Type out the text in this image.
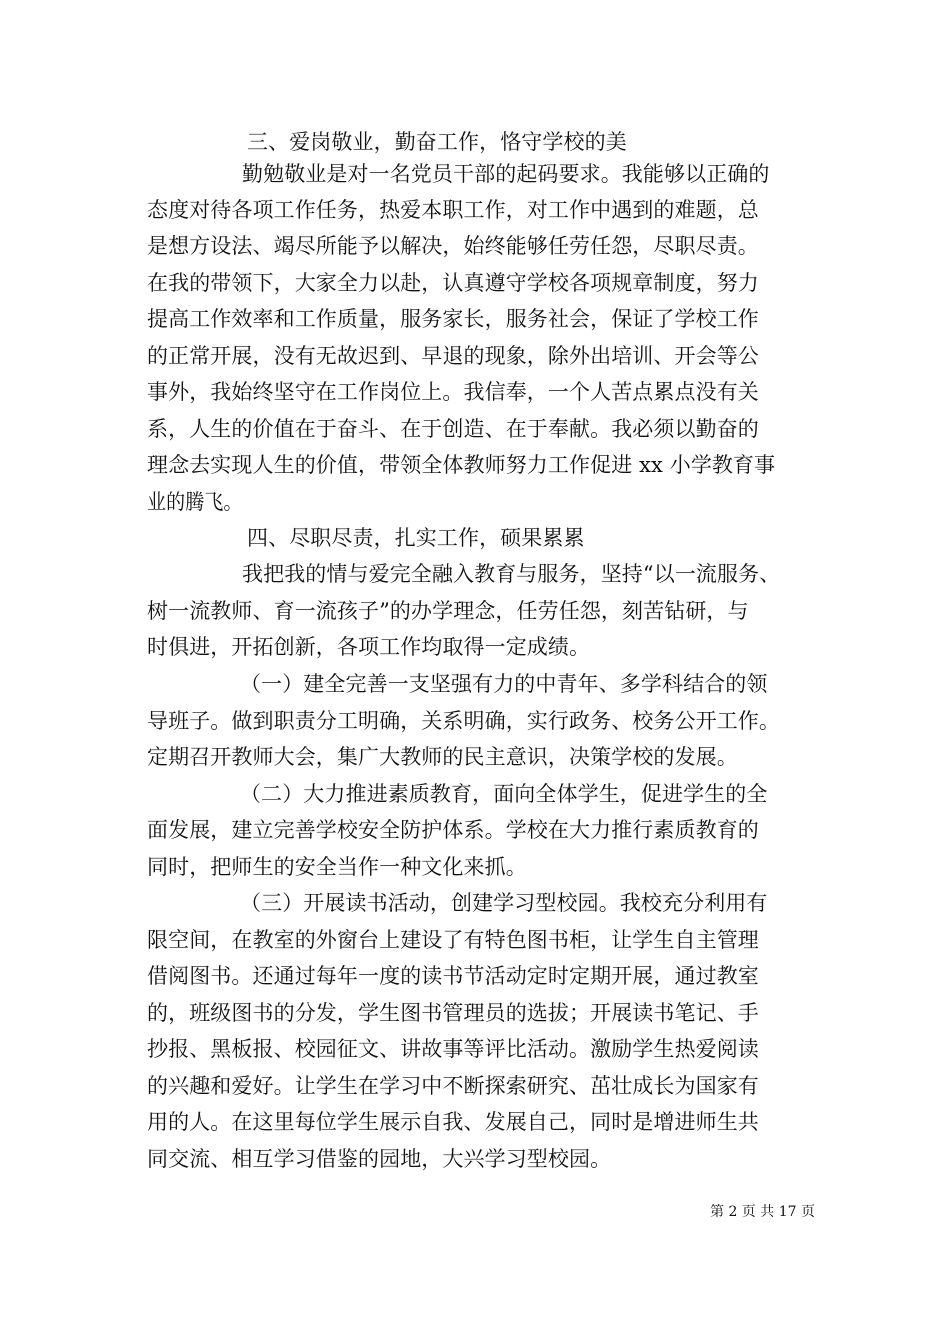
三、爱岗敬业，勤奋工作，恪守学校的美
勤勉敬业是对一名党员干部的起码要求。我能够以正确的
态度对待各项工作任务，热爱本职工作，对工作中遇到的难题，总
是想方设法、竭尽所能予以解决，始终能够任劳任怨，尽职尽责。
在我的带领下，大家全力以赴，认真遵守学校各项规章制度，努力
提高工作效率和工作质量，服务家长，服务社会，保证了学校工作
的正常开展，没有无故迟到、早退的现象，除外出培训、开会等公
事外，我始终坚守在工作岗位上。我信奉，一个人苦点累点没有关
系，人生的价值在于奋斗、在于创造、在于奉献。我必须以勤奋的
理念去实现人生的价值，带领全体教师努力工作促进 xx 小学教育事
业的腾飞。
四、尽职尽责，扎实工作，硕果累累
我把我的情与爱完全融入教育与服务，坚持“以一流服务、
树一流教师、育一流孩子”的办学理念，任劳任怨，刻苦钻研，与
时俱进，开拓创新，各项工作均取得一定成绩。
（一）建全完善一支坚强有力的中青年、多学科结合的领
导班子。做到职责分工明确，关系明确，实行政务、校务公开工作。
定期召开教师大会，集广大教师的民主意识，决策学校的发展。
（二）大力推进素质教育，面向全体学生，促进学生的全
面发展，建立完善学校安全防护体系。学校在大力推行素质教育的
同时，把师生的安全当作一种文化来抓。
（三）开展读书活动，创建学习型校园。我校充分利用有
限空间，在教室的外窗台上建设了有特色图书柜，让学生自主管理
借阅图书。还通过每年一度的读书节活动定时定期开展，通过教室
的，班级图书的分发，学生图书管理员的选拔；开展读书笔记、手
抄报、黑板报、校园征文、讲故事等评比活动。激励学生热爱阅读
的兴趣和爱好。让学生在学习中不断探索研究、茁壮成长为国家有
用的人。在这里每位学生展示自我、发展自己，同时是增进师生共
同交流、相互学习借鉴的园地，大兴学习型校园。
第 2 页 共 17 页
